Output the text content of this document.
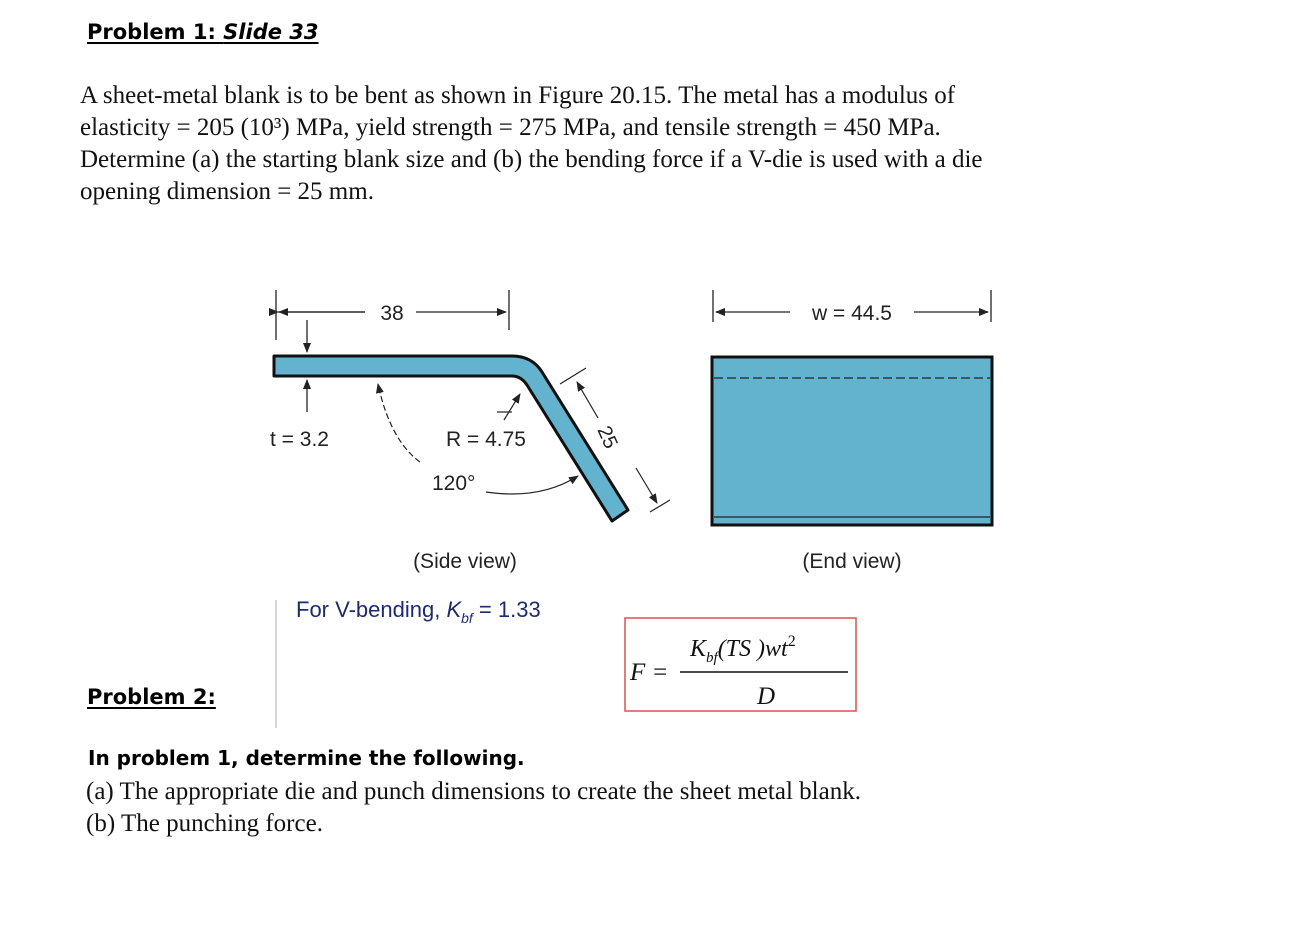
Problem 1: Slide 33

A sheet-metal blank is to be bent as shown in Figure 20.15. The metal has a modulus of

elasticity = 205 (10³) MPa, yield strength = 275 MPa, and tensile strength = 450 MPa.

Determine (a) the starting blank size and (b) the bending force if a V-die is used with a die

opening dimension = 25 mm.

38
t = 3.2	R = 4.75
120°
25
(Side view)
w = 44.5
(End view)
For V-bending, $K_{bf} = 1.33$
F =
$K_{bf}(TS$ )$wt^2$
D
Problem 2:
In problem 1, determine the following.
(a) The appropriate die and punch dimensions to create the sheet metal blank.
(b) The punching force.
